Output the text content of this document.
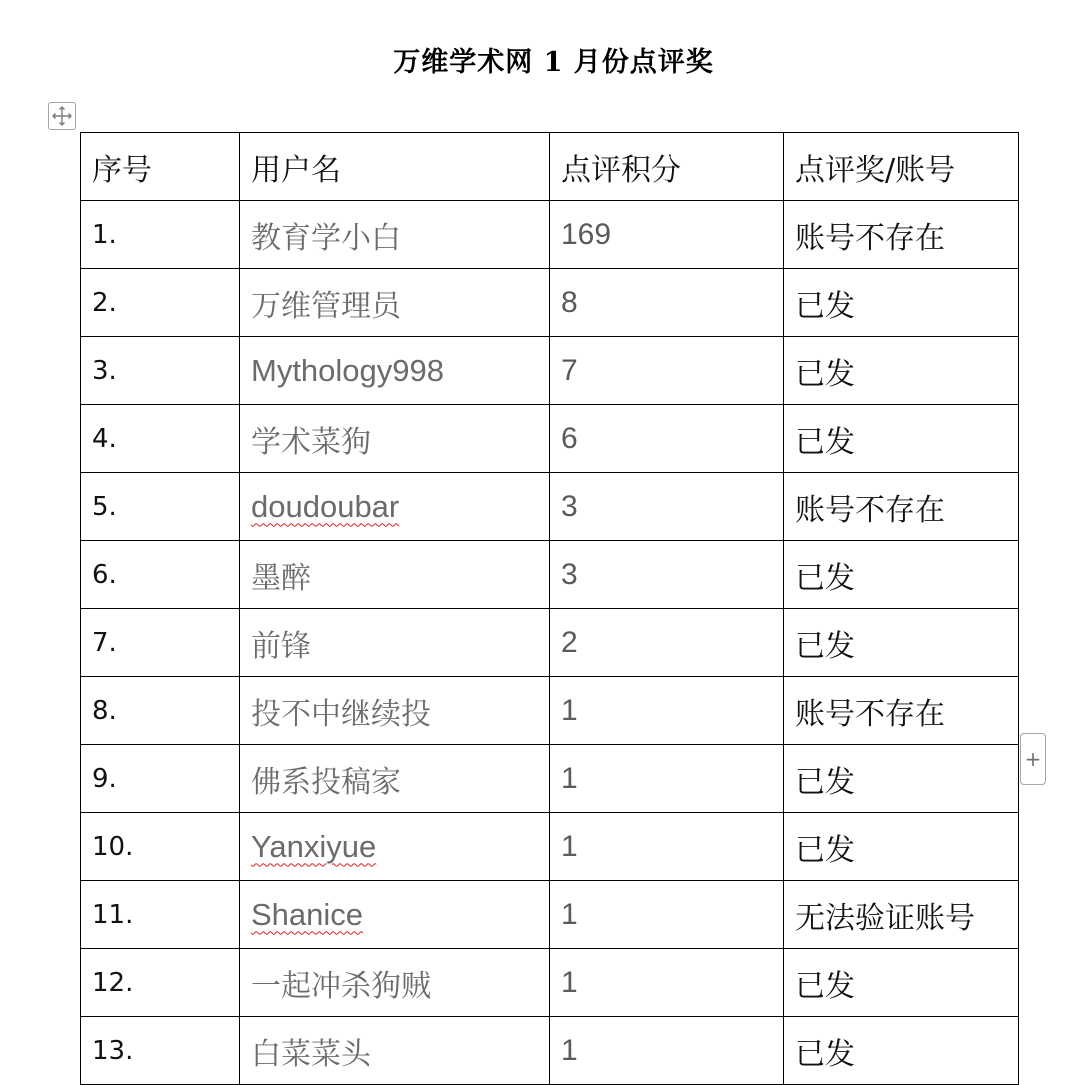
万维学术网 1 月份点评奖
+
序号	用户名	点评积分	点评奖/账号
1.	教育学小白	169	账号不存在
2.	万维管理员	8	已发
3.	Mythology998	7	已发
4.	学术菜狗	6	已发
5.	doudoubar	3	账号不存在
6.	墨醉	3	已发
7.	前锋	2	已发
8.	投不中继续投	1	账号不存在
9.	佛系投稿家	1	已发
10.	Yanxiyue	1	已发
11.	Shanice	1	无法验证账号
12.	一起冲杀狗贼	1	已发
13.	白菜菜头	1	已发
